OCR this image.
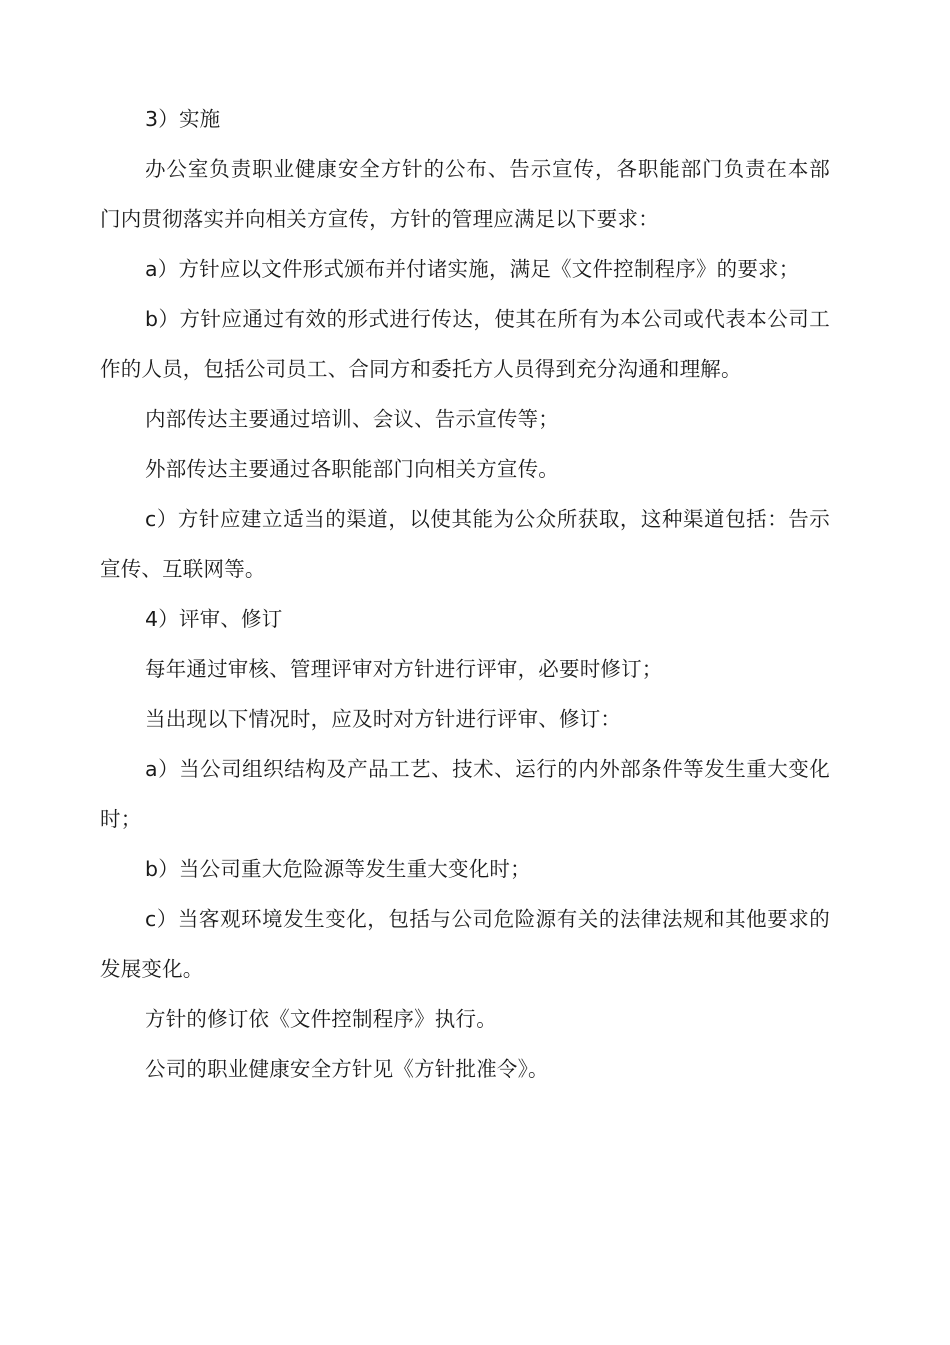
3）实施

办公室负责职业健康安全方针的公布、告示宣传，各职能部门负责在本部

门内贯彻落实并向相关方宣传，方针的管理应满足以下要求：

a）方针应以文件形式颁布并付诸实施，满足《文件控制程序》的要求；

b）方针应通过有效的形式进行传达，使其在所有为本公司或代表本公司工

作的人员，包括公司员工、合同方和委托方人员得到充分沟通和理解。

内部传达主要通过培训、会议、告示宣传等；

外部传达主要通过各职能部门向相关方宣传。

c）方针应建立适当的渠道，以使其能为公众所获取，这种渠道包括：告示

宣传、互联网等。

4）评审、修订

每年通过审核、管理评审对方针进行评审，必要时修订；

当出现以下情况时，应及时对方针进行评审、修订：

a）当公司组织结构及产品工艺、技术、运行的内外部条件等发生重大变化

时；

b）当公司重大危险源等发生重大变化时；

c）当客观环境发生变化，包括与公司危险源有关的法律法规和其他要求的

发展变化。

方针的修订依《文件控制程序》执行。

公司的职业健康安全方针见《方针批准令》。
